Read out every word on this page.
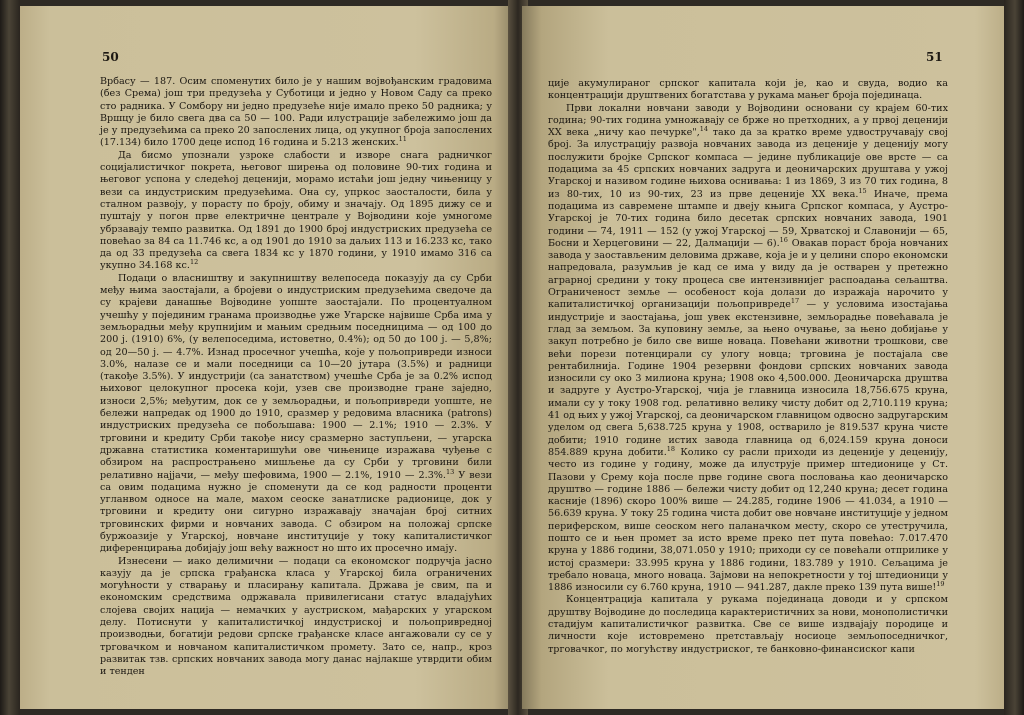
50

Врбасу — 187. Осим споменутих било је у нашим војвођанским градовима (без Срема) још три предузећа у Суботици и једно у Новом Саду са преко сто радника. У Сомбору ни једно предузеће није имало преко 50 радника; у Вршцу је било свега два са 50 — 100. Ради илустрације забележимо још да је у предузећима са преко 20 запослених лица, од укупног броја запослених (17.134) било 1700 деце испод 16 година и 5.213 женских.$^{11}$

Да бисмо упознали узроке слабости и изворе снага радничког социјалистичког покрета, његовог ширења од половине 90-тих година и његовог успона у следећој деценији, морамо истаћи још једну чињеницу у вези са индустриским предузећима. Она су, упркос заосталости, била у сталном развоју, у порасту по броју, обиму и значају. Од 1895 дижу се и пуштају у погон прве електричне централе у Војводини које умногоме убрзавају темпо развитка. Од 1891 до 1900 број индустриских предузећа се повећао за 84 са 11.746 кс, а од 1901 до 1910 за даљих 113 и 16.233 кс, тако да од 33 предузећа са свега 1834 кс у 1870 години, у 1910 имамо 316 са укупно 34.168 кс.$^{12}$

Подаци о власништву и закупништву велепоседа показују да су Срби међу њима заостајали, а бројеви о индустриским предузећима сведоче да су крајеви данашње Војводине уопште заостајали. По процентуалном учешћу у појединим гранама производње уже Угарске највише Срба има у земљорадњи међу крупнијим и мањим средњим поседницима — од 100 до 200 ј. (1910) 6%, (у велепоседима, истоветно, 0.4%); од 50 до 100 ј. — 5,8%; од 20—50 ј. — 4.7%. Изнад просечног учешћа, које у пољопривреди износи 3.0%, налазе се и мали поседници са 10—20 јутара (3.5%) и радници (такође 3.5%). У индустрији (са занатством) учешће Срба је за 0.2% испод њиховог целокупног просека који, узев све производне гране заједно, износи 2,5%; међутим, док се у земљорадњи, и пољопривреди уопште, не бележи напредак од 1900 до 1910, сразмер у редовима власника (patrons) индустриских предузећа се побољшава: 1900 — 2.1%; 1910 — 2.3%. У трговини и кредиту Срби такође нису сразмерно заступљени, — угарска државна статистика коментаришући ове чињенице изражава чуђење с обзиром на распрострањено мишљење да су Срби у трговини били релативно најјачи, — међу шефовима, 1900 — 2.1%, 1910 — 2.3%.$^{13}$ У вези са овим подацима нужно је споменути да се код радности проценти угланвом односе на мале, махом сеоске занатлиске радионице, док у трговини и кредиту они сигурно изражавају значајан број ситних трговинских фирми и новчаних завода. С обзиром на положај српске буржоазије у Угарској, новчане институције у току капиталистичког диференцирања добијају још већу важност но што их просечно имају.

Изнесени — иако делимични — подаци са економског подручја јасно казују да је српска грађанска класа у Угарској била ограничених могућности у стварању и пласирању капитала. Држава је свим, па и економским средствима одржавала привилегисани статус владајућих слојева својих нација — немачких у аустриском, мађарских у угарском делу. Потиснути у капиталистичкој индустриској и пољопривредној производњи, богатији редови српске грађанске класе ангажовали су се у трговачком и новчаном капиталистичком промету. Зато се, напр., кроз развитак тзв. српских новчаних завода могу данас најлакше утврдити обим и тенден

51

ције акумулираног српског капитала који је, као и свуда, водио ка концентрацији друштвених богатстава у рукама мањег броја појединаца.

Први локални новчани заводи у Војводини основани су крајем 60-тих година; 90-тих година умножавају се брже но претходних, а у првој деценији XX века „ничу као печурке",$^{14}$ тако да за кратко време удвостручавају свој број. За илустрацију развоја новчаних завода из деценије у деценију могу послужити бројке Српског компаса — једине публикације ове врсте — са подацима за 45 српских новчаних задруга и деоничарских друштава у ужој Угарској и називом године њихова оснивања: 1 из 1869, 3 из 70 тих година, 8 из 80-тих, 10 из 90-тих, 23 из прве деценије XX века.$^{15}$ Иначе, према подацима из савремене штампе и двеју књига Српског компаса, у Аустро-Угарској је 70-тих година било десетак српских новчаних завода, 1901 години — 74, 1911 — 152 (у ужој Угарској — 59, Хрватској и Славонији — 65, Босни и Херцеговини — 22, Далмацији — 6).$^{16}$ Овакав пораст броја новчаних завода у заостављеним деловима државе, која је и у целини споро економски напредовала, разумљив је кад се има у виду да је остварен у претежно аграрној средини у току процеса све интензивнијег распоадања сељаштва. Ограниченост земље — особеност која долази до изражаја нарочито у капиталистичкој организацији пољопривреде$^{17}$ — у условима изостајања индустрије и заостајања, још увек екстензивне, земљорадње повећавала је глад за земљом. За куповину земље, за њено очување, за њено добијање у закуп потребно је било све више новаца. Повећани животни трошкови, све већи порези потенцирали су улогу новца; трговина је постајала све рентабилнија. Године 1904 резервни фондови српских новчаних завода износили су око 3 милиона круна; 1908 око 4,500.000. Деоничарска друштва и задруге у Аустро-Угарској, чија је главница износила 18,756.675 круна, имали су у току 1908 год. релативно велику чисту добит од 2,710.119 круна; 41 од њих у ужој Угарској, са деоничарском главницом одвосно задругарским уделом од свега 5,638.725 круна у 1908, остварило је 819.537 круна чисте добити; 1910 године истих завода главница од 6,024.159 круна доноси 854.889 круна добити.$^{18}$ Колико су расли приходи из деценије у деценију, често из године у годину, може да илуструје пример штедионице у Ст. Пазови у Срему која после прве године свога пословања као деоничарско друштво — године 1886 — бележи чисту добит од 12,240 круна; десет година касније (1896) скоро 100% више — 24.285, године 1906 — 41.034, а 1910 — 56.639 круна. У току 25 година чиста добит ове новчане институције у једном периферском, више сеоском него паланачком месту, скоро се утестручила, пошто се и њен промет за исто време преко пет пута повећао: 7.017.470 круна у 1886 години, 38,071.050 у 1910; приходи су се повећали отприлике у истој сразмери: 33.995 круна у 1886 години, 183.789 у 1910. Сељацима је требало новаца, много новаца. Зајмови на непокретности у тој штедионици у 1886 износили су 6.760 круна, 1910 — 941.287, дакле преко 139 пута више!$^{19}$

Концентрација капитала у рукама појединаца доводи и у српском друштву Војводине до последица карактеристичних за нови, монополистички стадијум капиталистичког развитка. Све се више издвајају породице и личности које истовремено претстављају носиоце земљопоседничког, трговачког, по могућству индустриског, те банковно-финансиског капи
